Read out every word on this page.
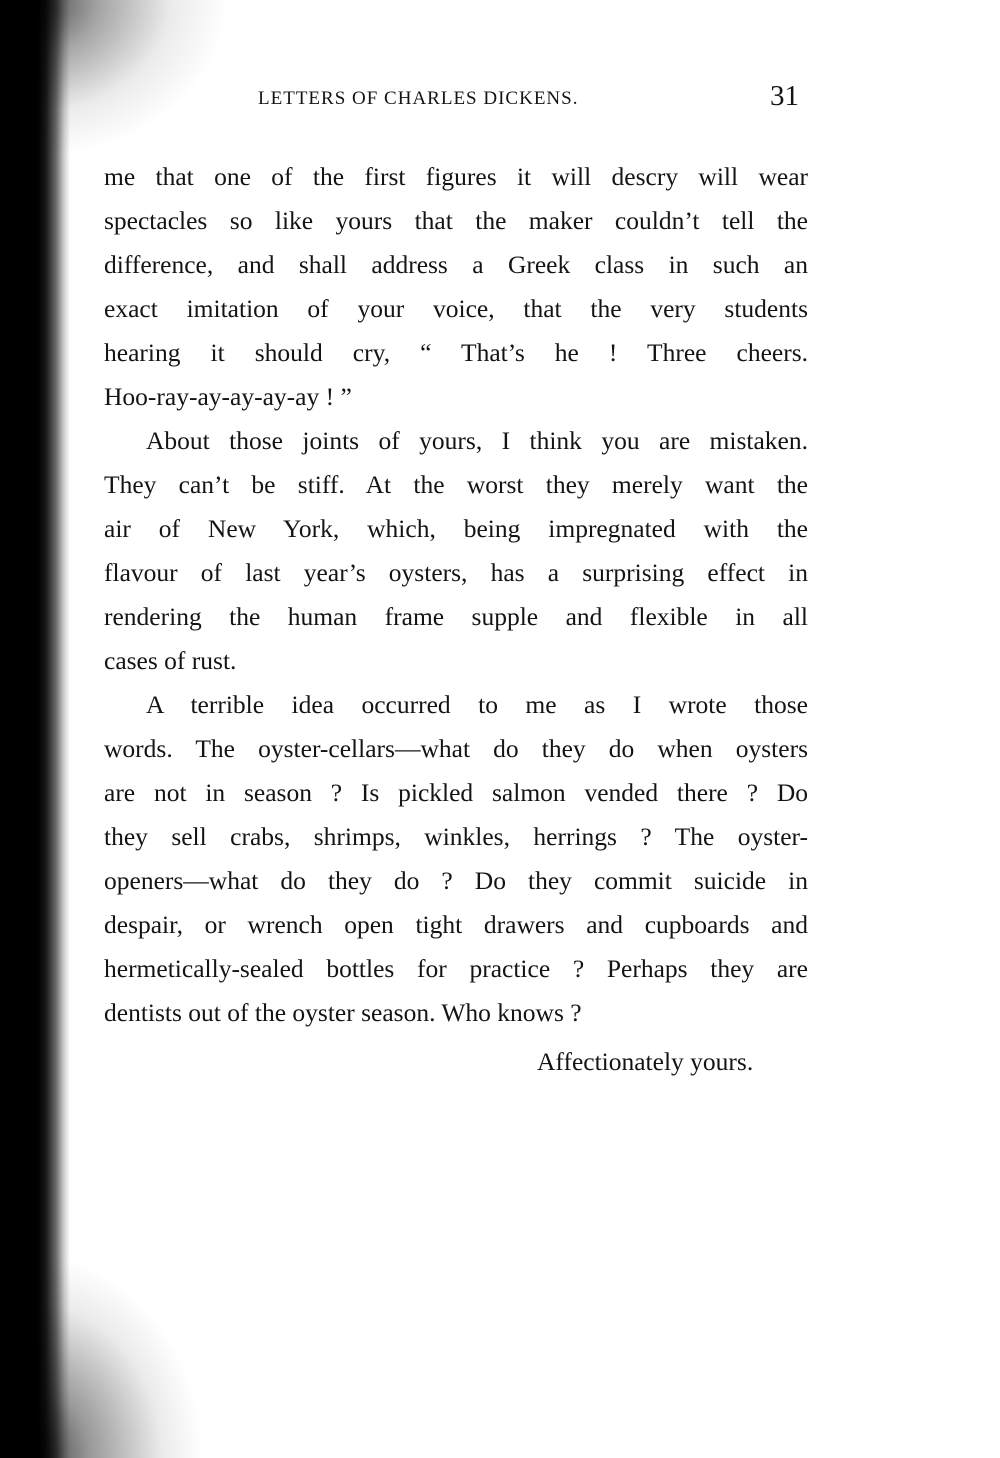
LETTERS OF CHARLES DICKENS.	31
me that one of the first figures it will descry will wear
spectacles so like yours that the maker couldn’t tell the
difference, and shall address a Greek class in such an
exact imitation of your voice, that the very students
hearing it should cry, “ That’s he ! Three cheers.
Hoo-ray-ay-ay-ay-ay ! ”
About those joints of yours, I think you are mistaken.
They can’t be stiff. At the worst they merely want the
air of New York, which, being impregnated with the
flavour of last year’s oysters, has a surprising effect in
rendering the human frame supple and flexible in all
cases of rust.
A terrible idea occurred to me as I wrote those
words. The oyster-cellars—what do they do when oysters
are not in season ? Is pickled salmon vended there ? Do
they sell crabs, shrimps, winkles, herrings ? The oyster-
openers—what do they do ? Do they commit suicide in
despair, or wrench open tight drawers and cupboards and
hermetically-sealed bottles for practice ? Perhaps they are
dentists out of the oyster season. Who knows ?
Affectionately yours.
